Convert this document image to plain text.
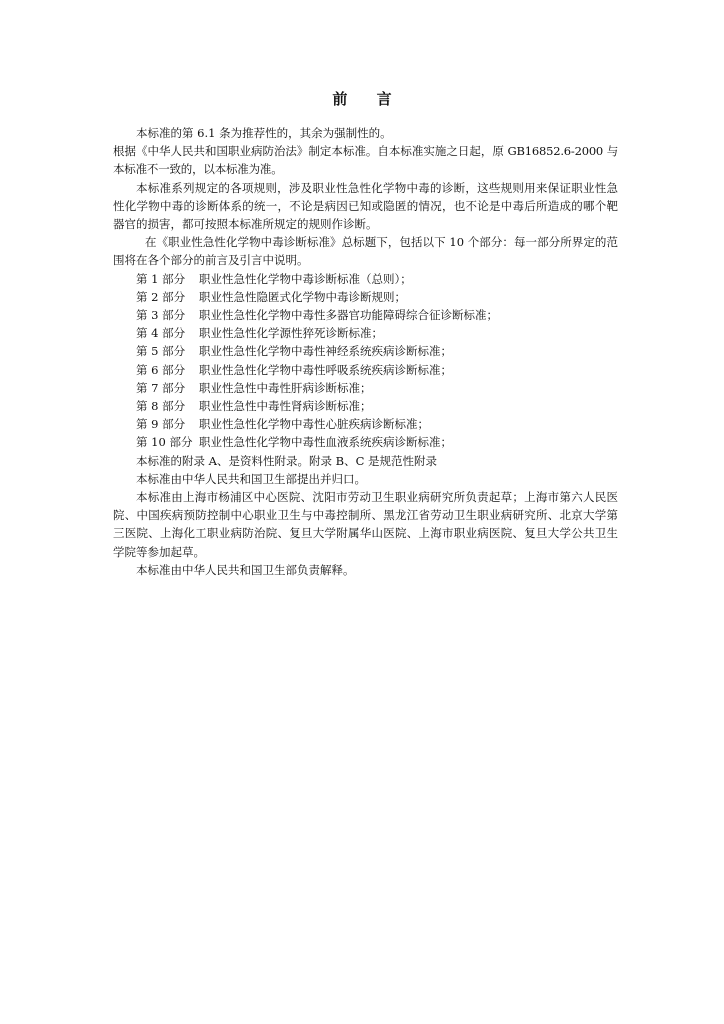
前 言

本标准的第 6.1 条为推荐性的，其余为强制性的。

根据《中华人民共和国职业病防治法》制定本标准。自本标准实施之日起，原 GB16852.6-2000 与本标准不一致的，以本标准为准。

本标准系列规定的各项规则，涉及职业性急性化学物中毒的诊断，这些规则用来保证职业性急性化学物中毒的诊断体系的统一，不论是病因已知或隐匿的情况，也不论是中毒后所造成的哪个靶器官的损害，都可按照本标准所规定的规则作诊断。

在《职业性急性化学物中毒诊断标准》总标题下，包括以下 10 个部分：每一部分所界定的范围将在各个部分的前言及引言中说明。

第 1 部分 职业性急性化学物中毒诊断标准（总则）；

第 2 部分 职业性急性隐匿式化学物中毒诊断规则；

第 3 部分 职业性急性化学物中毒性多器官功能障碍综合征诊断标准；

第 4 部分 职业性急性化学源性猝死诊断标准；

第 5 部分 职业性急性化学物中毒性神经系统疾病诊断标准；

第 6 部分 职业性急性化学物中毒性呼吸系统疾病诊断标准；

第 7 部分 职业性急性中毒性肝病诊断标准；

第 8 部分 职业性急性中毒性肾病诊断标准；

第 9 部分 职业性急性化学物中毒性心脏疾病诊断标准；

第 10 部分 职业性急性化学物中毒性血液系统疾病诊断标准；

本标准的附录 A、是资料性附录。附录 B、C 是规范性附录

本标准由中华人民共和国卫生部提出并归口。

本标准由上海市杨浦区中心医院、沈阳市劳动卫生职业病研究所负责起草；上海市第六人民医院、中国疾病预防控制中心职业卫生与中毒控制所、黑龙江省劳动卫生职业病研究所、北京大学第三医院、上海化工职业病防治院、复旦大学附属华山医院、上海市职业病医院、复旦大学公共卫生学院等参加起草。

本标准由中华人民共和国卫生部负责解释。
